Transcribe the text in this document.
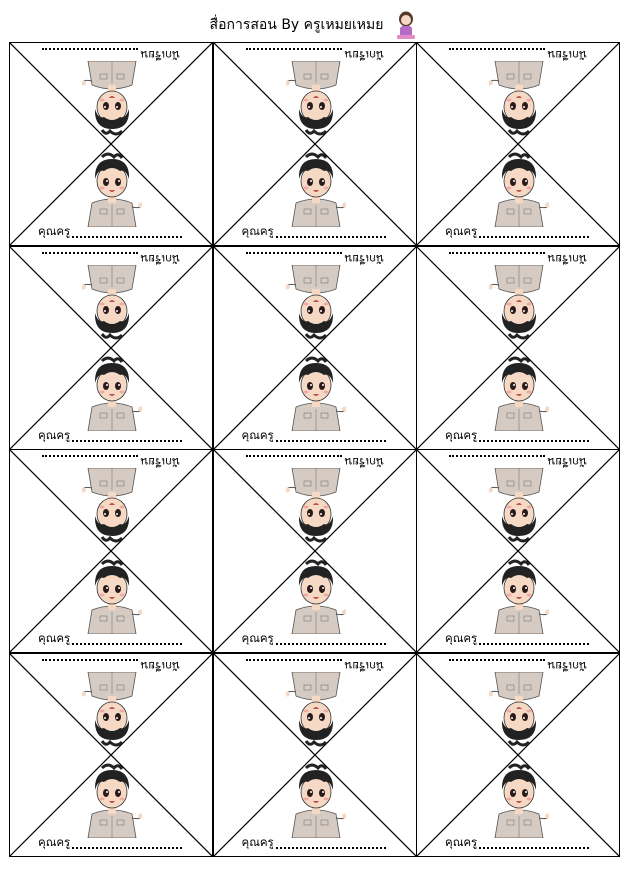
สื่อการสอน By ครูเหมยเหมย
นักเรียน
คุณครู
นักเรียน
คุณครู
นักเรียน
คุณครู
นักเรียน
คุณครู
นักเรียน
คุณครู
นักเรียน
คุณครู
นักเรียน
คุณครู
นักเรียน
คุณครู
นักเรียน
คุณครู
นักเรียน
คุณครู
นักเรียน
คุณครู
นักเรียน
คุณครู
